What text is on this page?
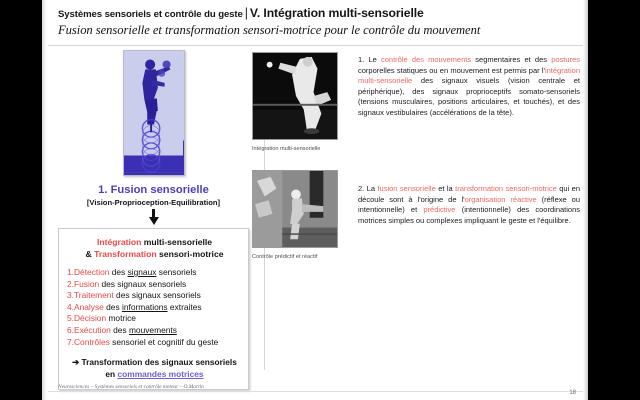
Systèmes sensoriels et contrôle du geste | V. Intégration multi-sensorielle
Fusion sensorielle et transformation sensori-motrice pour le contrôle du mouvement
1. Fusion sensorielle
[Vision-Proprioception-Equilibration]
Intégration multi-sensorielle
& Transformation sensori-motrice
1.Détection des signaux sensoriels
2.Fusion des signaux sensoriels
3.Traitement des signaux sensoriels
4.Analyse des informations extraites
5.Décision motrice
6.Exécution des mouvements
7.Contrôles sensoriel et cognitif du geste
➔ Transformation des signaux sensoriels en commandes motrices
Intégration multi-sensorielle
1. Le contrôle des mouvements segmentaires et des postures corporelles statiques ou en mouvement est permis par l'intégration multi-sensorielle des signaux visuels (vision centrale et périphérique), des signaux proprioceptifs somato-sensoriels (tensions musculaires, positions articulaires, et touchés), et des signaux vestibulaires (accélérations de la tête).
Contrôle prédictif et réactif
2. La fusion sensorielle et la transformation sensori-motrice qui en découle sont à l'origine de l'organisation réactive (réflexe ou intentionnelle) et prédictive (intentionnelle) des coordinations motrices simples ou complexes impliquant le geste et l'équilibre.
Neurosciences – Systèmes sensoriels et contrôle moteur – O.Martin
18
